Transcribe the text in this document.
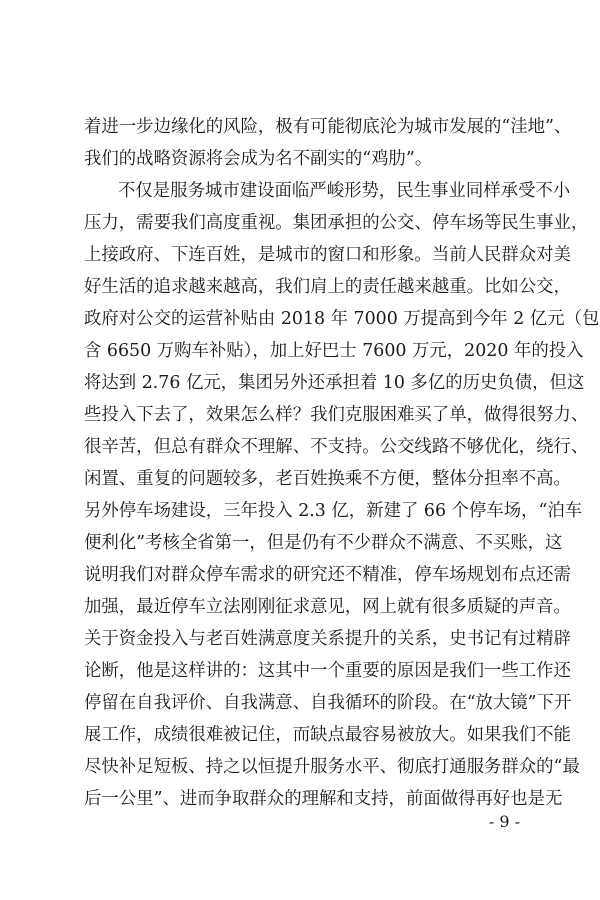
着进一步边缘化的风险，极有可能彻底沦为城市发展的“洼地”、
我们的战略资源将会成为名不副实的“鸡肋”。
不仅是服务城市建设面临严峻形势，民生事业同样承受不小
压力，需要我们高度重视。集团承担的公交、停车场等民生事业，
上接政府、下连百姓，是城市的窗口和形象。当前人民群众对美
好生活的追求越来越高，我们肩上的责任越来越重。比如公交，
政府对公交的运营补贴由 2018 年 7000 万提高到今年 2 亿元（包
含 6650 万购车补贴），加上好巴士 7600 万元，2020 年的投入
将达到 2.76 亿元，集团另外还承担着 10 多亿的历史负债，但这
些投入下去了，效果怎么样？我们克服困难买了单，做得很努力、
很辛苦，但总有群众不理解、不支持。公交线路不够优化，绕行、
闲置、重复的问题较多，老百姓换乘不方便，整体分担率不高。
另外停车场建设，三年投入 2.3 亿，新建了 66 个停车场，“泊车
便利化”考核全省第一，但是仍有不少群众不满意、不买账，这
说明我们对群众停车需求的研究还不精准，停车场规划布点还需
加强，最近停车立法刚刚征求意见，网上就有很多质疑的声音。
关于资金投入与老百姓满意度关系提升的关系，史书记有过精辟
论断，他是这样讲的：这其中一个重要的原因是我们一些工作还
停留在自我评价、自我满意、自我循环的阶段。在“放大镜”下开
展工作，成绩很难被记住，而缺点最容易被放大。如果我们不能
尽快补足短板、持之以恒提升服务水平、彻底打通服务群众的“最
后一公里”、进而争取群众的理解和支持，前面做得再好也是无
- 9 -
